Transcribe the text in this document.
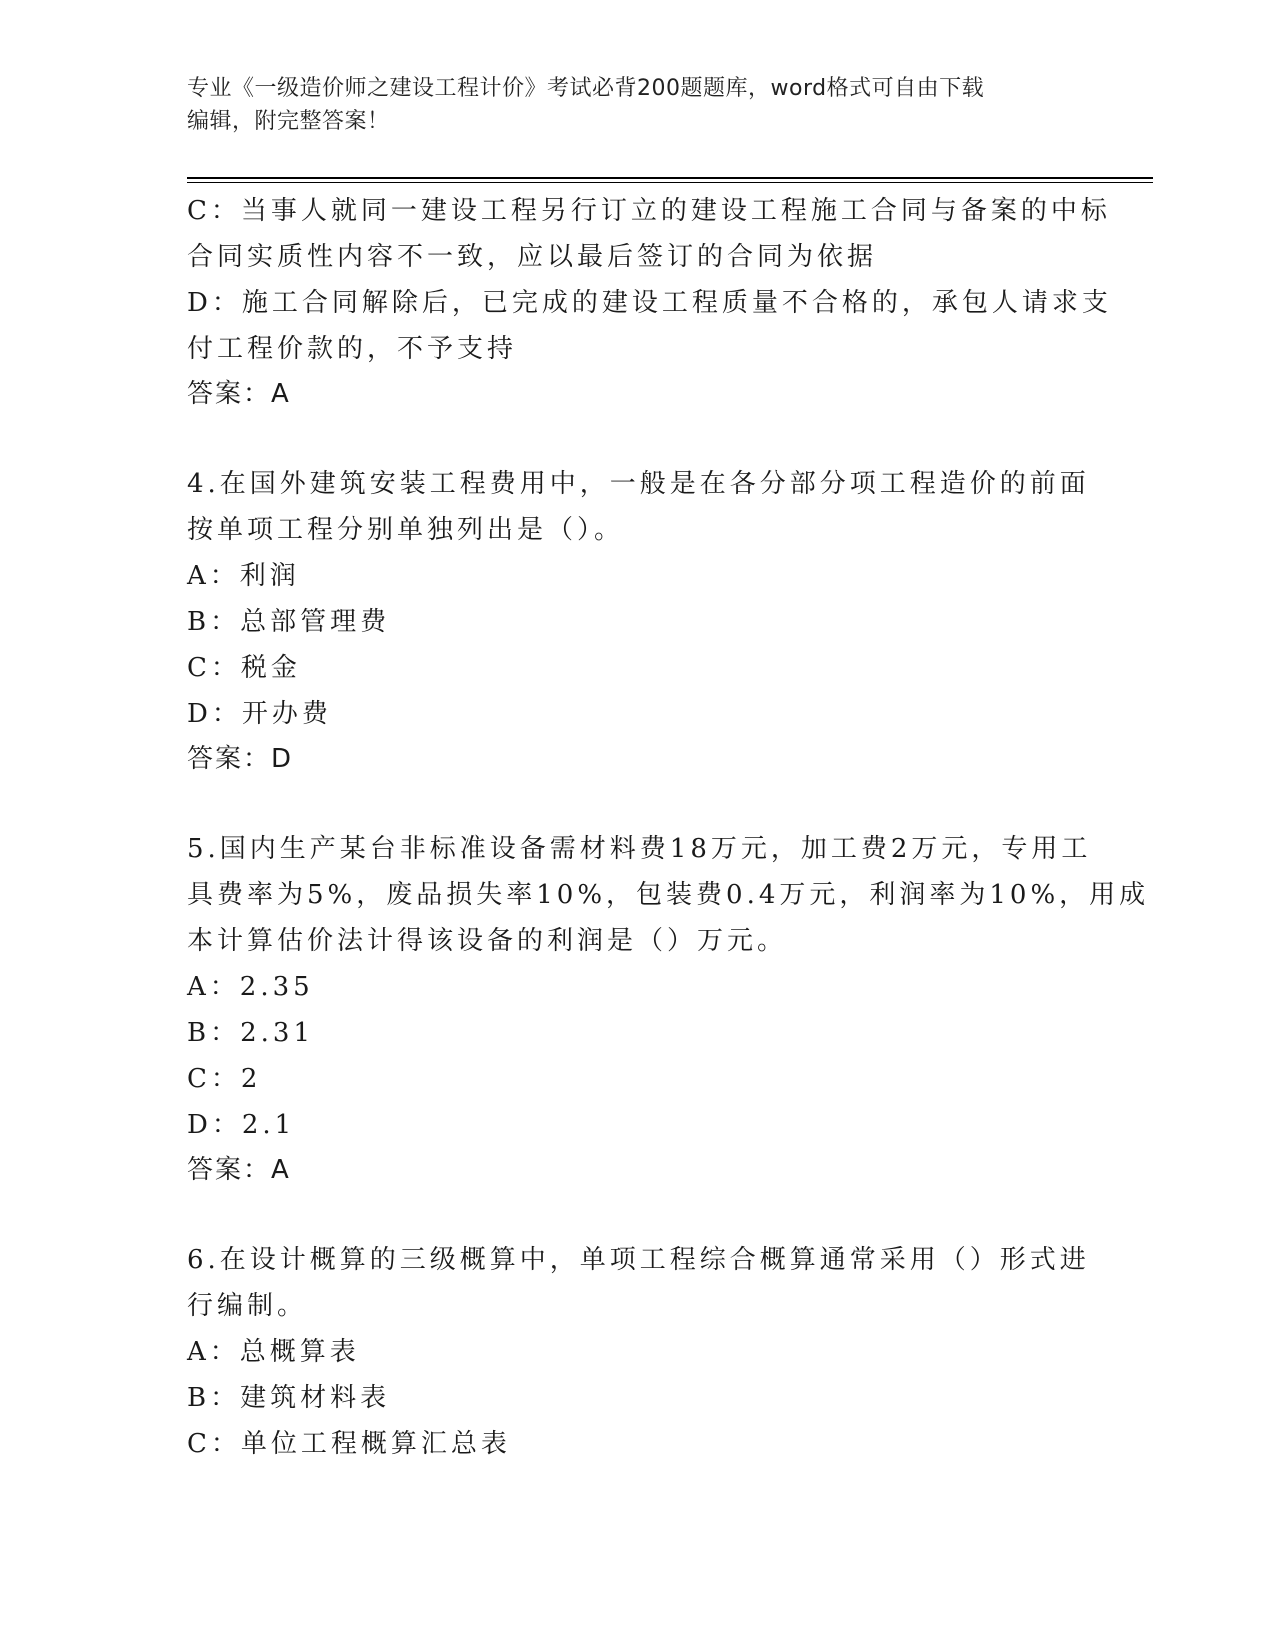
专业《一级造价师之建设工程计价》考试必背200题题库，word格式可自由下载
编辑，附完整答案！

C：当事人就同一建设工程另行订立的建设工程施工合同与备案的中标

合同实质性内容不一致，应以最后签订的合同为依据

D：施工合同解除后，已完成的建设工程质量不合格的，承包人请求支

付工程价款的，不予支持

答案：A

4.在国外建筑安装工程费用中，一般是在各分部分项工程造价的前面

按单项工程分别单独列出是（）。

A：利润

B：总部管理费

C：税金

D：开办费

答案：D

5.国内生产某台非标准设备需材料费18万元，加工费2万元，专用工

具费率为5%，废品损失率10%，包装费0.4万元，利润率为10%，用成

本计算估价法计得该设备的利润是（）万元。

A：2.35

B：2.31

C：2

D：2.1

答案：A

6.在设计概算的三级概算中，单项工程综合概算通常采用（）形式进

行编制。

A：总概算表

B：建筑材料表

C：单位工程概算汇总表
